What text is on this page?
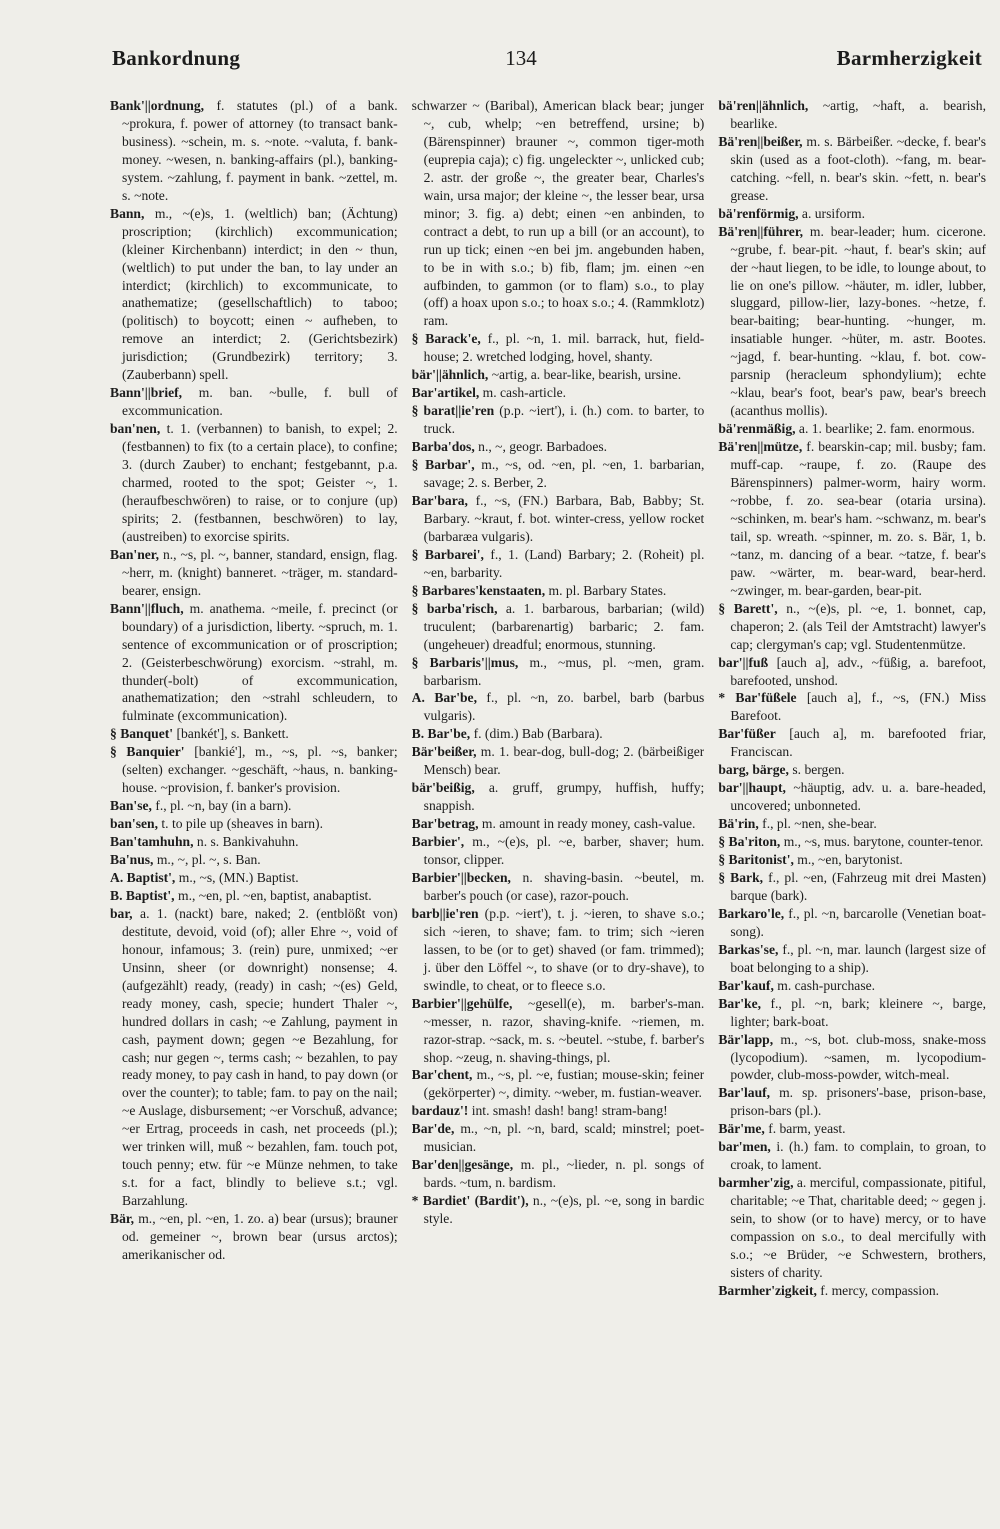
Bankordnung	134	Barmherzigkeit

Bank'||ordnung, f. statutes (pl.) of a bank. ~prokura, f. power of attorney (to transact bank-business). ~schein, m. s. ~note. ~valuta, f. bank-money. ~wesen, n. banking-affairs (pl.), banking-system. ~zahlung, f. payment in bank. ~zettel, m. s. ~note.

Bann, m., ~(e)s, 1. (weltlich) ban; (Ächtung) proscription; (kirchlich) excommunication; (kleiner Kirchenbann) interdict; in den ~ thun, (weltlich) to put under the ban, to lay under an interdict; (kirchlich) to excommunicate, to anathematize; (gesellschaftlich) to taboo; (politisch) to boycott; einen ~ aufheben, to remove an interdict; 2. (Gerichtsbezirk) jurisdiction; (Grundbezirk) territory; 3. (Zauberbann) spell.

Bann'||brief, m. ban. ~bulle, f. bull of excommunication.

ban'nen, t. 1. (verbannen) to banish, to expel; 2. (festbannen) to fix (to a certain place), to confine; 3. (durch Zauber) to enchant; festgebannt, p.a. charmed, rooted to the spot; Geister ~, 1. (heraufbeschwören) to raise, or to conjure (up) spirits; 2. (festbannen, beschwören) to lay, (austreiben) to exorcise spirits.

Ban'ner, n., ~s, pl. ~, banner, standard, ensign, flag. ~herr, m. (knight) banneret. ~träger, m. standard-bearer, ensign.

Bann'||fluch, m. anathema. ~meile, f. precinct (or boundary) of a jurisdiction, liberty. ~spruch, m. 1. sentence of excommunication or of proscription; 2. (Geisterbeschwörung) exorcism. ~strahl, m. thunder(-bolt) of excommunication, anathematization; den ~strahl schleudern, to fulminate (excommunication).

§ Banquet' [bankét'], s. Bankett.

§ Banquier' [bankié'], m., ~s, pl. ~s, banker; (selten) exchanger. ~geschäft, ~haus, n. banking-house. ~provision, f. banker's provision.

Ban'se, f., pl. ~n, bay (in a barn).

ban'sen, t. to pile up (sheaves in barn).

Ban'tamhuhn, n. s. Bankivahuhn.

Ba'nus, m., ~, pl. ~, s. Ban.

A. Baptist', m., ~s, (MN.) Baptist.

B. Baptist', m., ~en, pl. ~en, baptist, anabaptist.

bar, a. 1. (nackt) bare, naked; 2. (entblößt von) destitute, devoid, void (of); aller Ehre ~, void of honour, infamous; 3. (rein) pure, unmixed; ~er Unsinn, sheer (or downright) nonsense; 4. (aufgezählt) ready, (ready) in cash; ~(es) Geld, ready money, cash, specie; hundert Thaler ~, hundred dollars in cash; ~e Zahlung, payment in cash, payment down; gegen ~e Bezahlung, for cash; nur gegen ~, terms cash; ~ bezahlen, to pay ready money, to pay cash in hand, to pay down (or over the counter); to table; fam. to pay on the nail; ~e Auslage, disbursement; ~er Vorschuß, advance; ~er Ertrag, proceeds in cash, net proceeds (pl.); wer trinken will, muß ~ bezahlen, fam. touch pot, touch penny; etw. für ~e Münze nehmen, to take s.t. for a fact, blindly to believe s.t.; vgl. Barzahlung.

Bär, m., ~en, pl. ~en, 1. zo. a) bear (ursus); brauner od. gemeiner ~, brown bear (ursus arctos); amerikanischer od.

schwarzer ~ (Baribal), American black bear; junger ~, cub, whelp; ~en betreffend, ursine; b) (Bärenspinner) brauner ~, common tiger-moth (euprepia caja); c) fig. ungeleckter ~, unlicked cub; 2. astr. der große ~, the greater bear, Charles's wain, ursa major; der kleine ~, the lesser bear, ursa minor; 3. fig. a) debt; einen ~en anbinden, to contract a debt, to run up a bill (or an account), to run up tick; einen ~en bei jm. angebunden haben, to be in with s.o.; b) fib, flam; jm. einen ~en aufbinden, to gammon (or to flam) s.o., to play (off) a hoax upon s.o.; to hoax s.o.; 4. (Rammklotz) ram.

§ Barack'e, f., pl. ~n, 1. mil. barrack, hut, field-house; 2. wretched lodging, hovel, shanty.

bär'||ähnlich, ~artig, a. bear-like, bearish, ursine.

Bar'artikel, m. cash-article.

§ barat||ie'ren (p.p. ~iert'), i. (h.) com. to barter, to truck.

Barba'dos, n., ~, geogr. Barbadoes.

§ Barbar', m., ~s, od. ~en, pl. ~en, 1. barbarian, savage; 2. s. Berber, 2.

Bar'bara, f., ~s, (FN.) Barbara, Bab, Babby; St. Barbary. ~kraut, f. bot. winter-cress, yellow rocket (barbaræa vulgaris).

§ Barbarei', f., 1. (Land) Barbary; 2. (Roheit) pl. ~en, barbarity.

§ Barbares'kenstaaten, m. pl. Barbary States.

§ barba'risch, a. 1. barbarous, barbarian; (wild) truculent; (barbarenartig) barbaric; 2. fam. (ungeheuer) dreadful; enormous, stunning.

§ Barbaris'||mus, m., ~mus, pl. ~men, gram. barbarism.

A. Bar'be, f., pl. ~n, zo. barbel, barb (barbus vulgaris).

B. Bar'be, f. (dim.) Bab (Barbara).

Bär'beißer, m. 1. bear-dog, bull-dog; 2. (bärbeißiger Mensch) bear.

bär'beißig, a. gruff, grumpy, huffish, huffy; snappish.

Bar'betrag, m. amount in ready money, cash-value.

Barbier', m., ~(e)s, pl. ~e, barber, shaver; hum. tonsor, clipper.

Barbier'||becken, n. shaving-basin. ~beutel, m. barber's pouch (or case), razor-pouch.

barb||ie'ren (p.p. ~iert'), t. j. ~ieren, to shave s.o.; sich ~ieren, to shave; fam. to trim; sich ~ieren lassen, to be (or to get) shaved (or fam. trimmed); j. über den Löffel ~, to shave (or to dry-shave), to swindle, to cheat, or to fleece s.o.

Barbier'||gehülfe, ~gesell(e), m. barber's-man. ~messer, n. razor, shaving-knife. ~riemen, m. razor-strap. ~sack, m. s. ~beutel. ~stube, f. barber's shop. ~zeug, n. shaving-things, pl.

Bar'chent, m., ~s, pl. ~e, fustian; mouse-skin; feiner (gekörperter) ~, dimity. ~weber, m. fustian-weaver.

bardauz'! int. smash! dash! bang! stram-bang!

Bar'de, m., ~n, pl. ~n, bard, scald; minstrel; poet-musician.

Bar'den||gesänge, m. pl., ~lieder, n. pl. songs of bards. ~tum, n. bardism.

* Bardiet' (Bardit'), n., ~(e)s, pl. ~e, song in bardic style.

bä'ren||ähnlich, ~artig, ~haft, a. bearish, bearlike.

Bä'ren||beißer, m. s. Bärbeißer. ~decke, f. bear's skin (used as a foot-cloth). ~fang, m. bear-catching. ~fell, n. bear's skin. ~fett, n. bear's grease.

bä'renförmig, a. ursiform.

Bä'ren||führer, m. bear-leader; hum. cicerone. ~grube, f. bear-pit. ~haut, f. bear's skin; auf der ~haut liegen, to be idle, to lounge about, to lie on one's pillow. ~häuter, m. idler, lubber, sluggard, pillow-lier, lazy-bones. ~hetze, f. bear-baiting; bear-hunting. ~hunger, m. insatiable hunger. ~hüter, m. astr. Bootes. ~jagd, f. bear-hunting. ~klau, f. bot. cow-parsnip (heracleum sphondylium); echte ~klau, bear's foot, bear's paw, bear's breech (acanthus mollis).

bä'renmäßig, a. 1. bearlike; 2. fam. enormous.

Bä'ren||mütze, f. bearskin-cap; mil. busby; fam. muff-cap. ~raupe, f. zo. (Raupe des Bärenspinners) palmer-worm, hairy worm. ~robbe, f. zo. sea-bear (otaria ursina). ~schinken, m. bear's ham. ~schwanz, m. bear's tail, sp. wreath. ~spinner, m. zo. s. Bär, 1, b. ~tanz, m. dancing of a bear. ~tatze, f. bear's paw. ~wärter, m. bear-ward, bear-herd. ~zwinger, m. bear-garden, bear-pit.

§ Barett', n., ~(e)s, pl. ~e, 1. bonnet, cap, chaperon; 2. (als Teil der Amtstracht) lawyer's cap; clergyman's cap; vgl. Studentenmütze.

bar'||fuß [auch a], adv., ~füßig, a. barefoot, barefooted, unshod.

* Bar'füßele [auch a], f., ~s, (FN.) Miss Barefoot.

Bar'füßer [auch a], m. barefooted friar, Franciscan.

barg, bärge, s. bergen.

bar'||haupt, ~häuptig, adv. u. a. bare-headed, uncovered; unbonneted.

Bä'rin, f., pl. ~nen, she-bear.

§ Ba'riton, m., ~s, mus. barytone, counter-tenor.

§ Baritonist', m., ~en, barytonist.

§ Bark, f., pl. ~en, (Fahrzeug mit drei Masten) barque (bark).

Barkaro'le, f., pl. ~n, barcarolle (Venetian boat-song).

Barkas'se, f., pl. ~n, mar. launch (largest size of boat belonging to a ship).

Bar'kauf, m. cash-purchase.

Bar'ke, f., pl. ~n, bark; kleinere ~, barge, lighter; bark-boat.

Bär'lapp, m., ~s, bot. club-moss, snake-moss (lycopodium). ~samen, m. lycopodium-powder, club-moss-powder, witch-meal.

Bar'lauf, m. sp. prisoners'-base, prison-base, prison-bars (pl.).

Bär'me, f. barm, yeast.

bar'men, i. (h.) fam. to complain, to groan, to croak, to lament.

barmher'zig, a. merciful, compassionate, pitiful, charitable; ~e That, charitable deed; ~ gegen j. sein, to show (or to have) mercy, or to have compassion on s.o., to deal mercifully with s.o.; ~e Brüder, ~e Schwestern, brothers, sisters of charity.

Barmher'zigkeit, f. mercy, compassion.
